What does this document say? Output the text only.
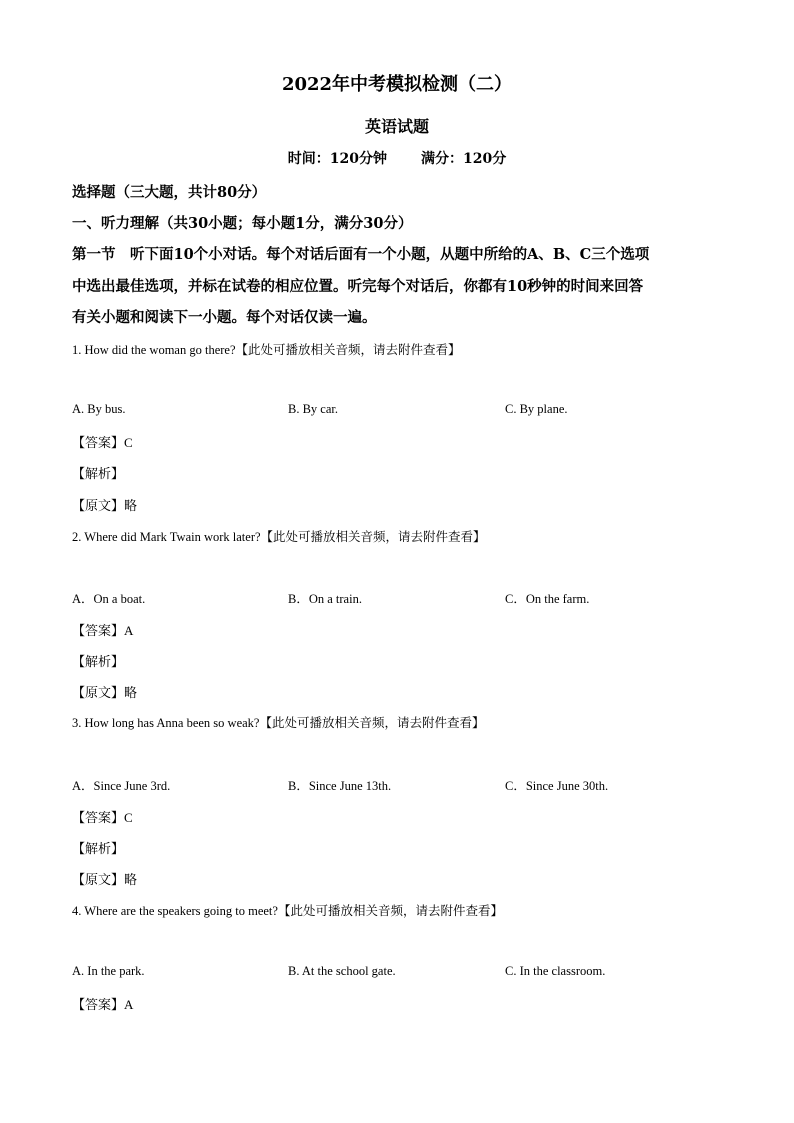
2022年中考模拟检测（二）
英语试题
时间：120分钟 满分：120分
选择题（三大题，共计80分）
一、听力理解（共30小题；每小题1分，满分30分）
第一节　听下面10个小对话。每个对话后面有一个小题，从题中所给的A、B、C三个选项
中选出最佳选项，并标在试卷的相应位置。听完每个对话后，你都有10秒钟的时间来回答
有关小题和阅读下一小题。每个对话仅读一遍。
1. How did the woman go there?【此处可播放相关音频，请去附件查看】
A. By bus.	B. By car.	C. By plane.
【答案】C
【解析】
【原文】略
2. Where did Mark Twain work later?【此处可播放相关音频，请去附件查看】
A．On a boat.	B．On a train.	C．On the farm.
【答案】A
【解析】
【原文】略
3. How long has Anna been so weak?【此处可播放相关音频，请去附件查看】
A．Since June 3rd.	B．Since June 13th.	C．Since June 30th.
【答案】C
【解析】
【原文】略
4. Where are the speakers going to meet?【此处可播放相关音频，请去附件查看】
A. In the park.	B. At the school gate.	C. In the classroom.
【答案】A
